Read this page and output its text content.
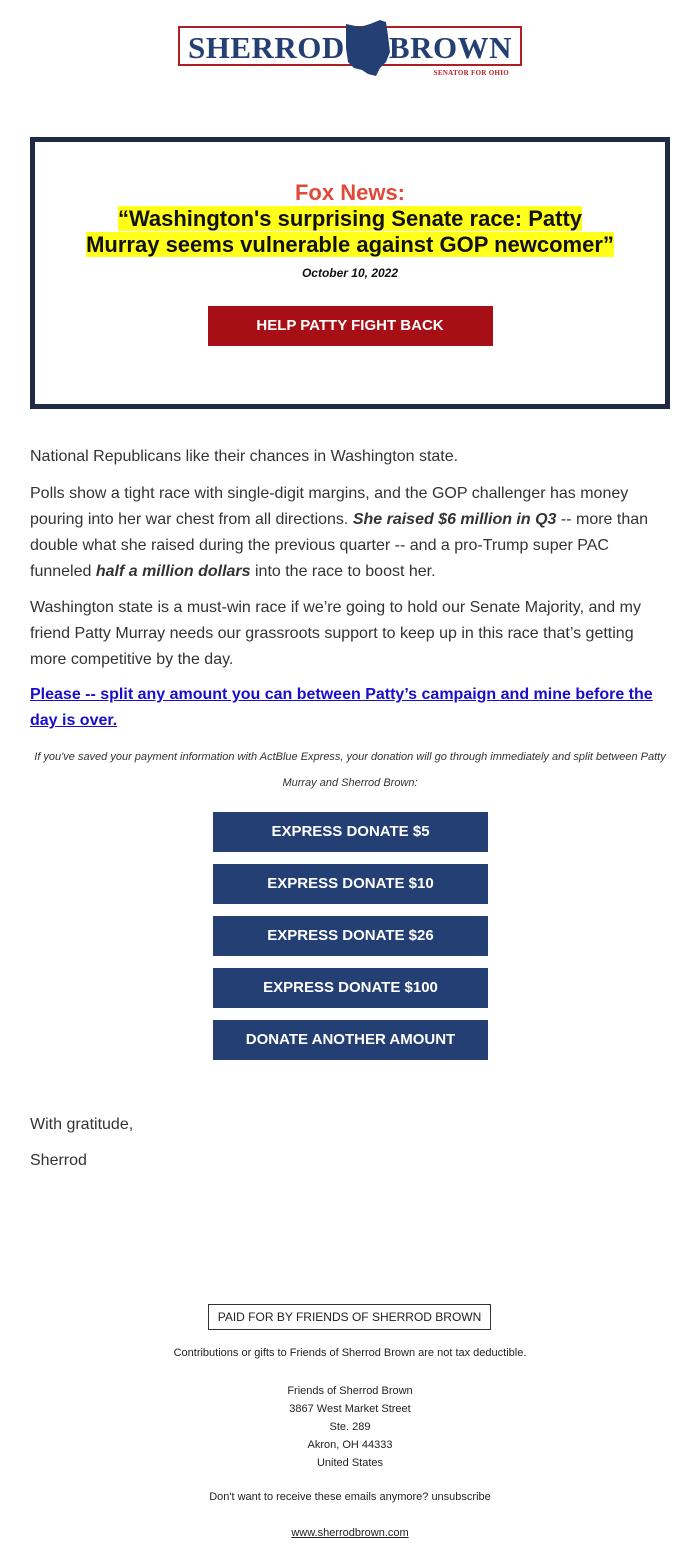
SHERROD BROWN
SENATOR FOR OHIO
Fox News:
“Washington's surprising Senate race: Patty Murray seems vulnerable against GOP newcomer”
October 10, 2022
HELP PATTY FIGHT BACK

National Republicans like their chances in Washington state.

Polls show a tight race with single-digit margins, and the GOP challenger has money pouring into her war chest from all directions. She raised $6 million in Q3 -- more than double what she raised during the previous quarter -- and a pro-Trump super PAC funneled half a million dollars into the race to boost her.

Washington state is a must-win race if we’re going to hold our Senate Majority, and my friend Patty Murray needs our grassroots support to keep up in this race that’s getting more competitive by the day.

Please -- split any amount you can between Patty’s campaign and mine before the day is over.
If you've saved your payment information with ActBlue Express, your donation will go through immediately and split between Patty Murray and Sherrod Brown:
EXPRESS DONATE $5
EXPRESS DONATE $10
EXPRESS DONATE $26
EXPRESS DONATE $100
DONATE ANOTHER AMOUNT
With gratitude,
Sherrod
PAID FOR BY FRIENDS OF SHERROD BROWN
Contributions or gifts to Friends of Sherrod Brown are not tax deductible.
Friends of Sherrod Brown
3867 West Market Street
Ste. 289
Akron, OH 44333
United States
Don't want to receive these emails anymore? unsubscribe
www.sherrodbrown.com
